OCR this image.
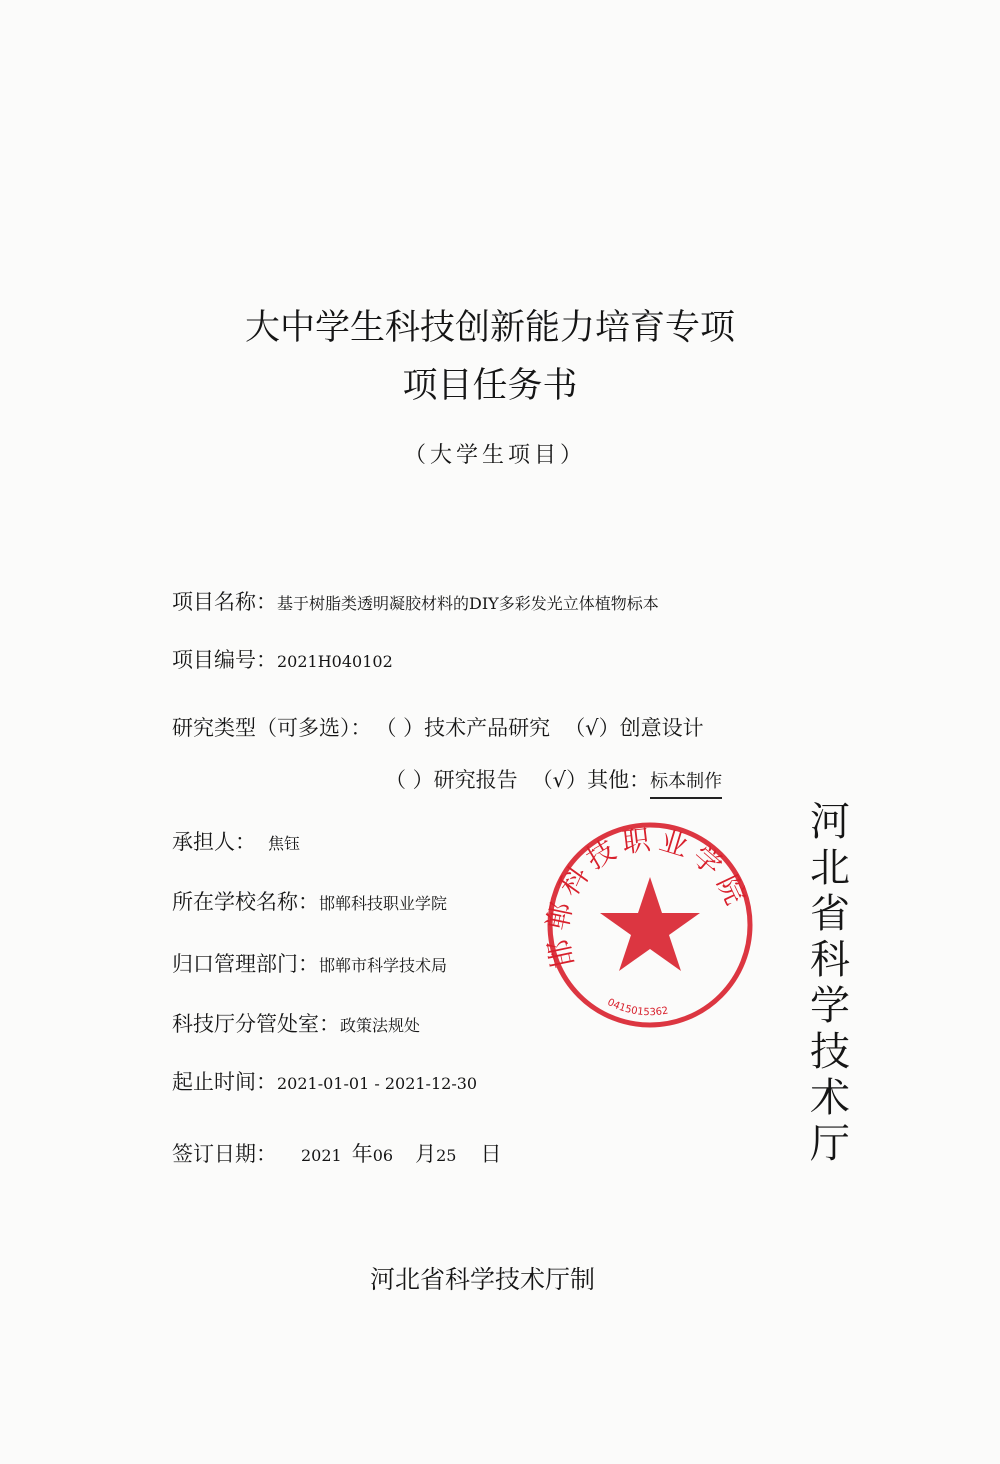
大中学生科技创新能力培育专项
项目任务书
（大学生项目）
项目名称： 基于树脂类透明凝胶材料的DIY多彩发光立体植物标本
项目编号： 2021H040102
研究类型（可多选）： （ ）技术产品研究 （√）创意设计
（ ）研究报告 （√）其他： 标本制作
承担人： 焦钰
所在学校名称： 邯郸科技职业学院
归口管理部门： 邯郸市科学技术局
科技厅分管处室： 政策法规处
起止时间： 2021-01-01 - 2021-12-30
签订日期： 2021 年 06 月 25 日
河北省科学技术厅制
邯郸科技职业学院
0415015362
河
北
省
科
学
技
术
厅
